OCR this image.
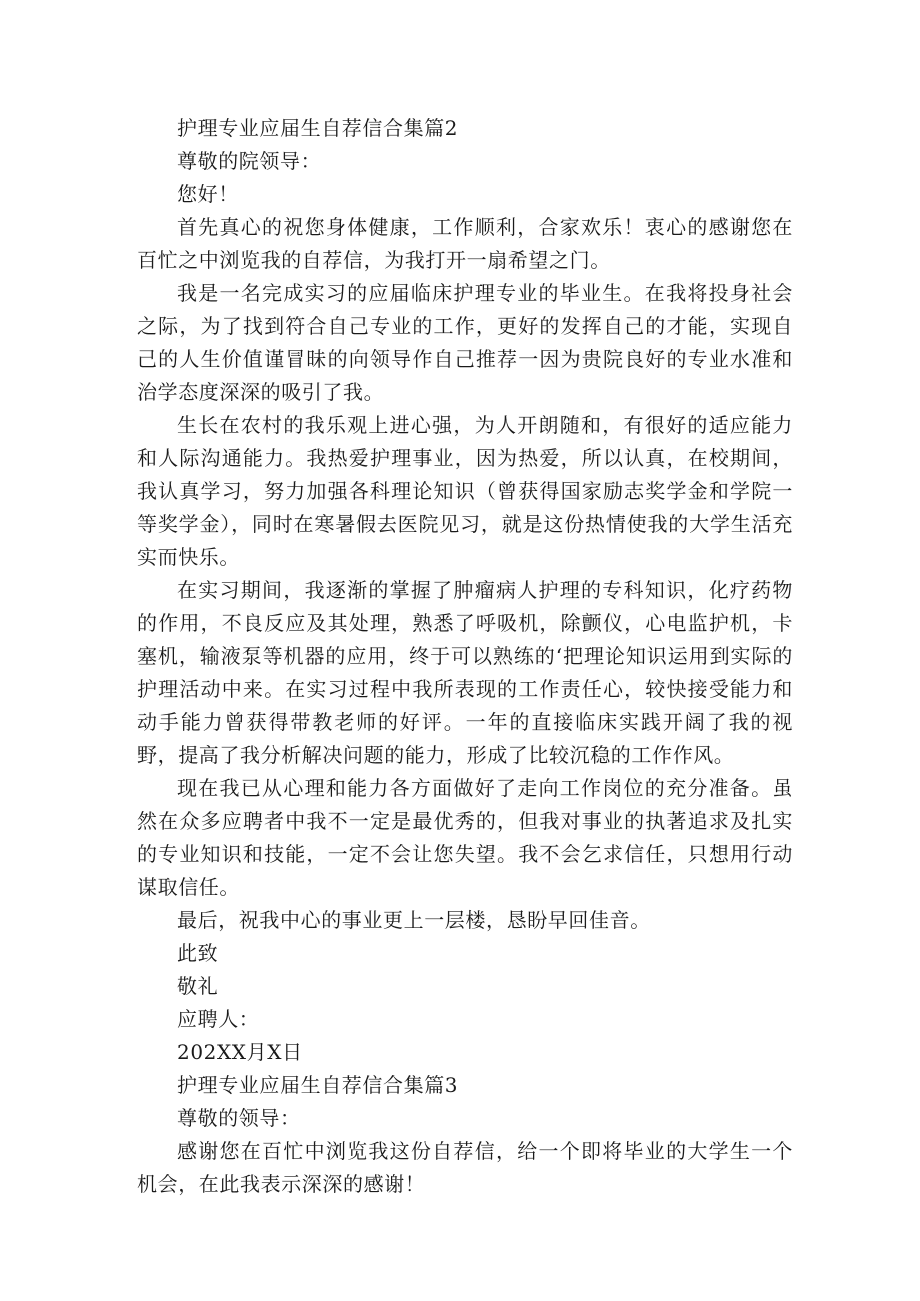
护理专业应届生自荐信合集篇2

尊敬的院领导：

您好！

首先真心的祝您身体健康，工作顺利，合家欢乐！衷心的感谢您在百忙之中浏览我的自荐信，为我打开一扇希望之门。

我是一名完成实习的应届临床护理专业的毕业生。在我将投身社会之际，为了找到符合自己专业的工作，更好的发挥自己的才能，实现自己的人生价值谨冒昧的向领导作自己推荐一因为贵院良好的专业水准和治学态度深深的吸引了我。

生长在农村的我乐观上进心强，为人开朗随和，有很好的适应能力和人际沟通能力。我热爱护理事业，因为热爱，所以认真，在校期间，我认真学习，努力加强各科理论知识（曾获得国家励志奖学金和学院一等奖学金），同时在寒暑假去医院见习，就是这份热情使我的大学生活充实而快乐。

在实习期间，我逐渐的掌握了肿瘤病人护理的专科知识，化疗药物的作用，不良反应及其处理，熟悉了呼吸机，除颤仪，心电监护机，卡塞机，输液泵等机器的应用，终于可以熟练的‘把理论知识运用到实际的护理活动中来。在实习过程中我所表现的工作责任心，较快接受能力和动手能力曾获得带教老师的好评。一年的直接临床实践开阔了我的视野，提高了我分析解决问题的能力，形成了比较沉稳的工作作风。

现在我已从心理和能力各方面做好了走向工作岗位的充分准备。虽然在众多应聘者中我不一定是最优秀的，但我对事业的执著追求及扎实的专业知识和技能，一定不会让您失望。我不会乞求信任，只想用行动谋取信任。

最后，祝我中心的事业更上一层楼，恳盼早回佳音。

此致

敬礼

应聘人：

202XX月X日

护理专业应届生自荐信合集篇3

尊敬的领导：

感谢您在百忙中浏览我这份自荐信，给一个即将毕业的大学生一个机会，在此我表示深深的感谢！
